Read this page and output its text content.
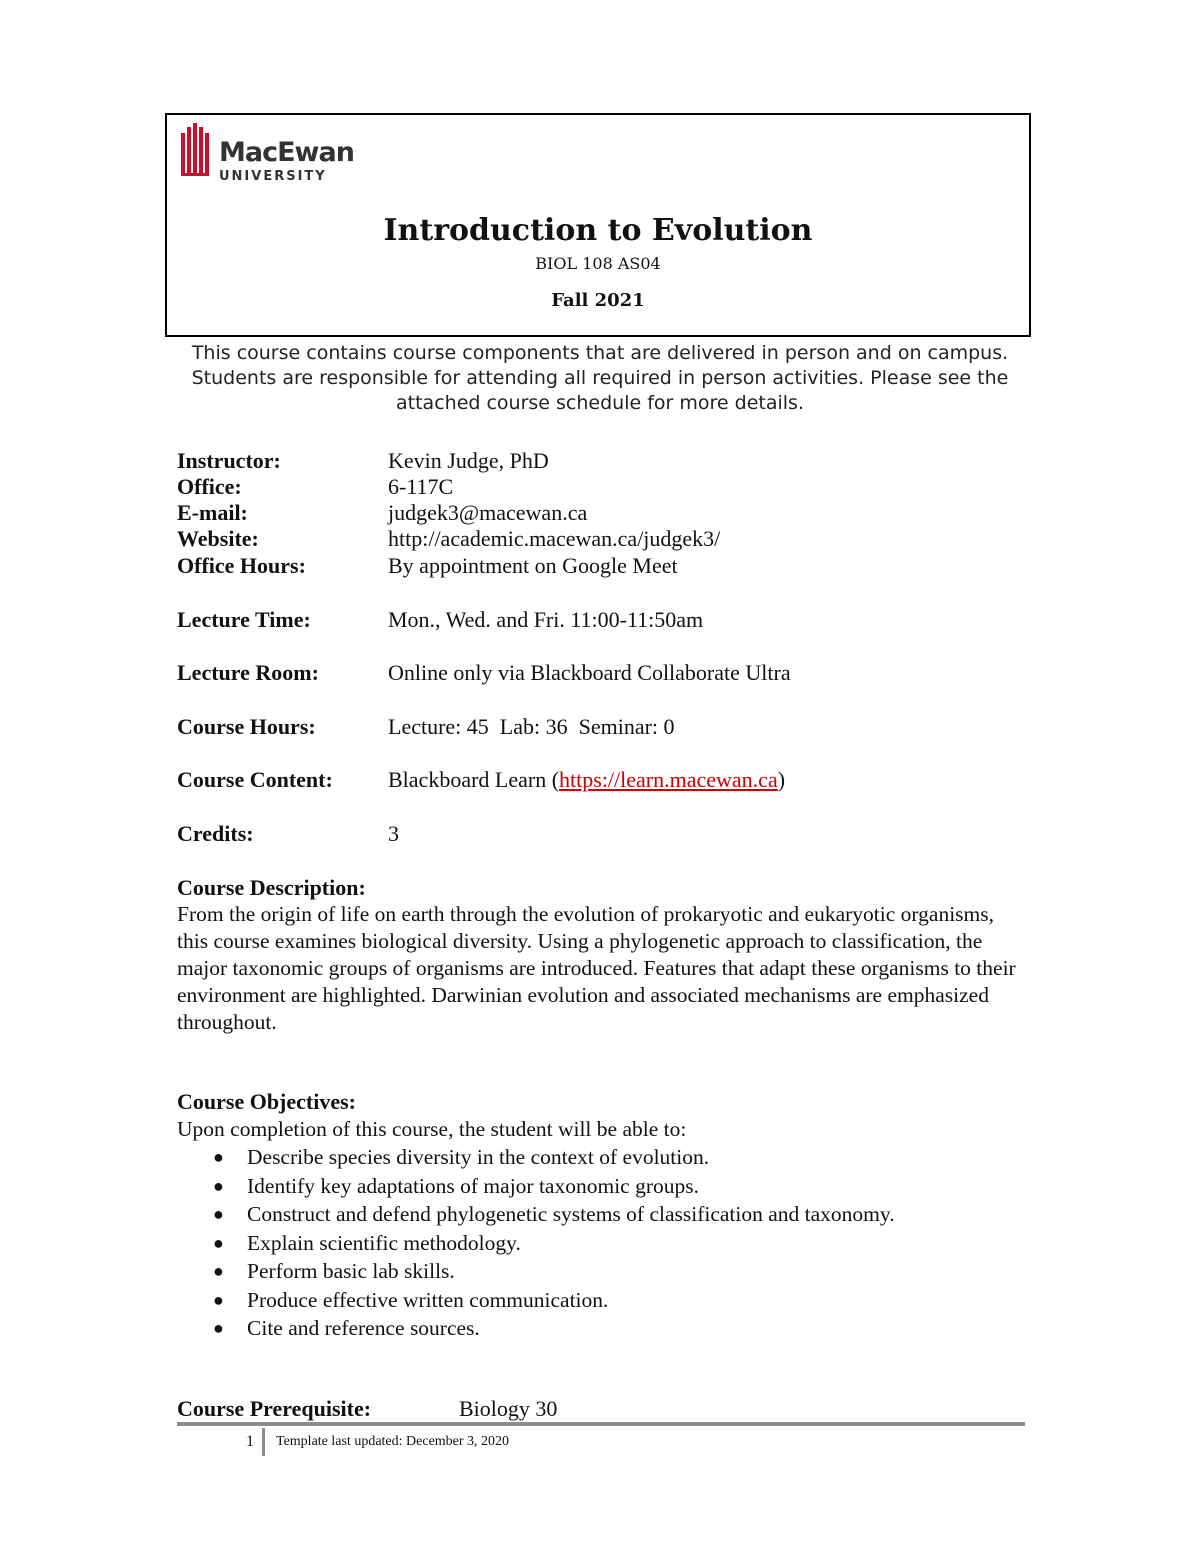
MacEwan
UNIVERSITY
Introduction to Evolution
BIOL 108 AS04
Fall 2021
This course contains course components that are delivered in person and on campus. Students are responsible for attending all required in person activities. Please see the attached course schedule for more details.
Instructor:	Kevin Judge, PhD
Office:	6-117C
E-mail:	judgek3@macewan.ca
Website:	http://academic.macewan.ca/judgek3/
Office Hours:	By appointment on Google Meet
Lecture Time:	Mon., Wed. and Fri. 11:00-11:50am
Lecture Room:	Online only via Blackboard Collaborate Ultra
Course Hours:	Lecture: 45  Lab: 36  Seminar: 0
Course Content:	Blackboard Learn (https://learn.macewan.ca)
Credits:	3
Course Description:

From the origin of life on earth through the evolution of prokaryotic and eukaryotic organisms, this course examines biological diversity. Using a phylogenetic approach to classification, the major taxonomic groups of organisms are introduced. Features that adapt these organisms to their environment are highlighted. Darwinian evolution and associated mechanisms are emphasized throughout.

Course Objectives:

Upon completion of this course, the student will be able to:

● Describe species diversity in the context of evolution.
● Identify key adaptations of major taxonomic groups.
● Construct and defend phylogenetic systems of classification and taxonomy.
● Explain scientific methodology.
● Perform basic lab skills.
● Produce effective written communication.
● Cite and reference sources.
Course Prerequisite:	Biology 30
1 Template last updated: December 3, 2020
